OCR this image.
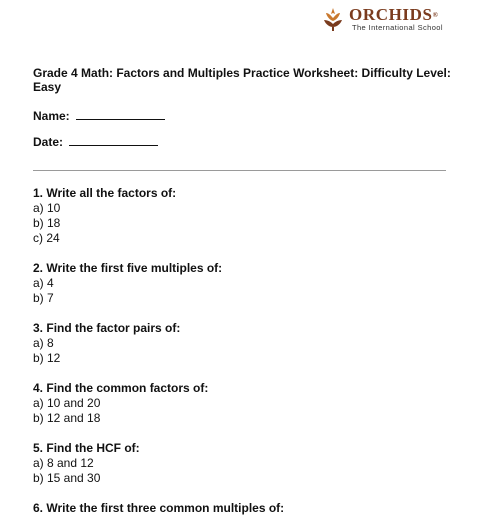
ORCHIDS®
The International School

Grade 4 Math: Factors and Multiples Practice Worksheet: Difficulty Level: Easy

Name:

Date:

1. Write all the factors of:
a) 10
b) 18
c) 24
2. Write the first five multiples of:
a) 4
b) 7
3. Find the factor pairs of:
a) 8
b) 12
4. Find the common factors of:
a) 10 and 20
b) 12 and 18
5. Find the HCF of:
a) 8 and 12
b) 15 and 30
6. Write the first three common multiples of:
